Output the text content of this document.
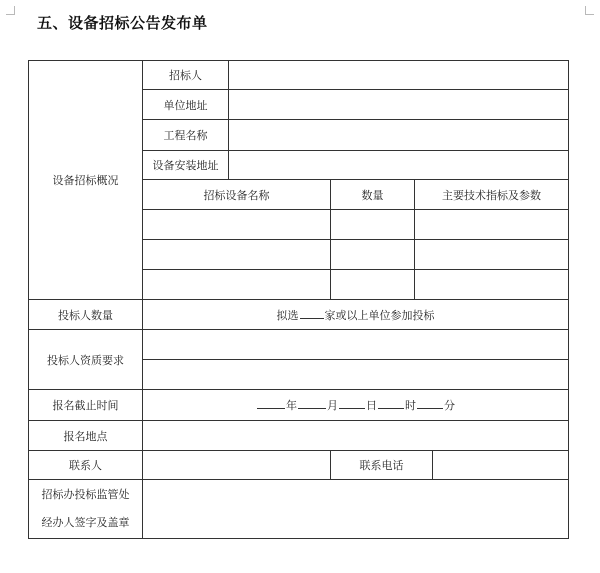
五、设备招标公告发布单
设备招标概况	招标人				
	单位地址				
	工程名称				
	设备安装地址				
	招标设备名称		数量	主要技术指标及参数	

投标人数量	拟选 家或以上单位参加投标				
投标人资质要求					

报名截止时间	年 月 日 时 分				
报名地点					
联系人			联系电话		

招标办投标监管处
经办人签字及盖章					
